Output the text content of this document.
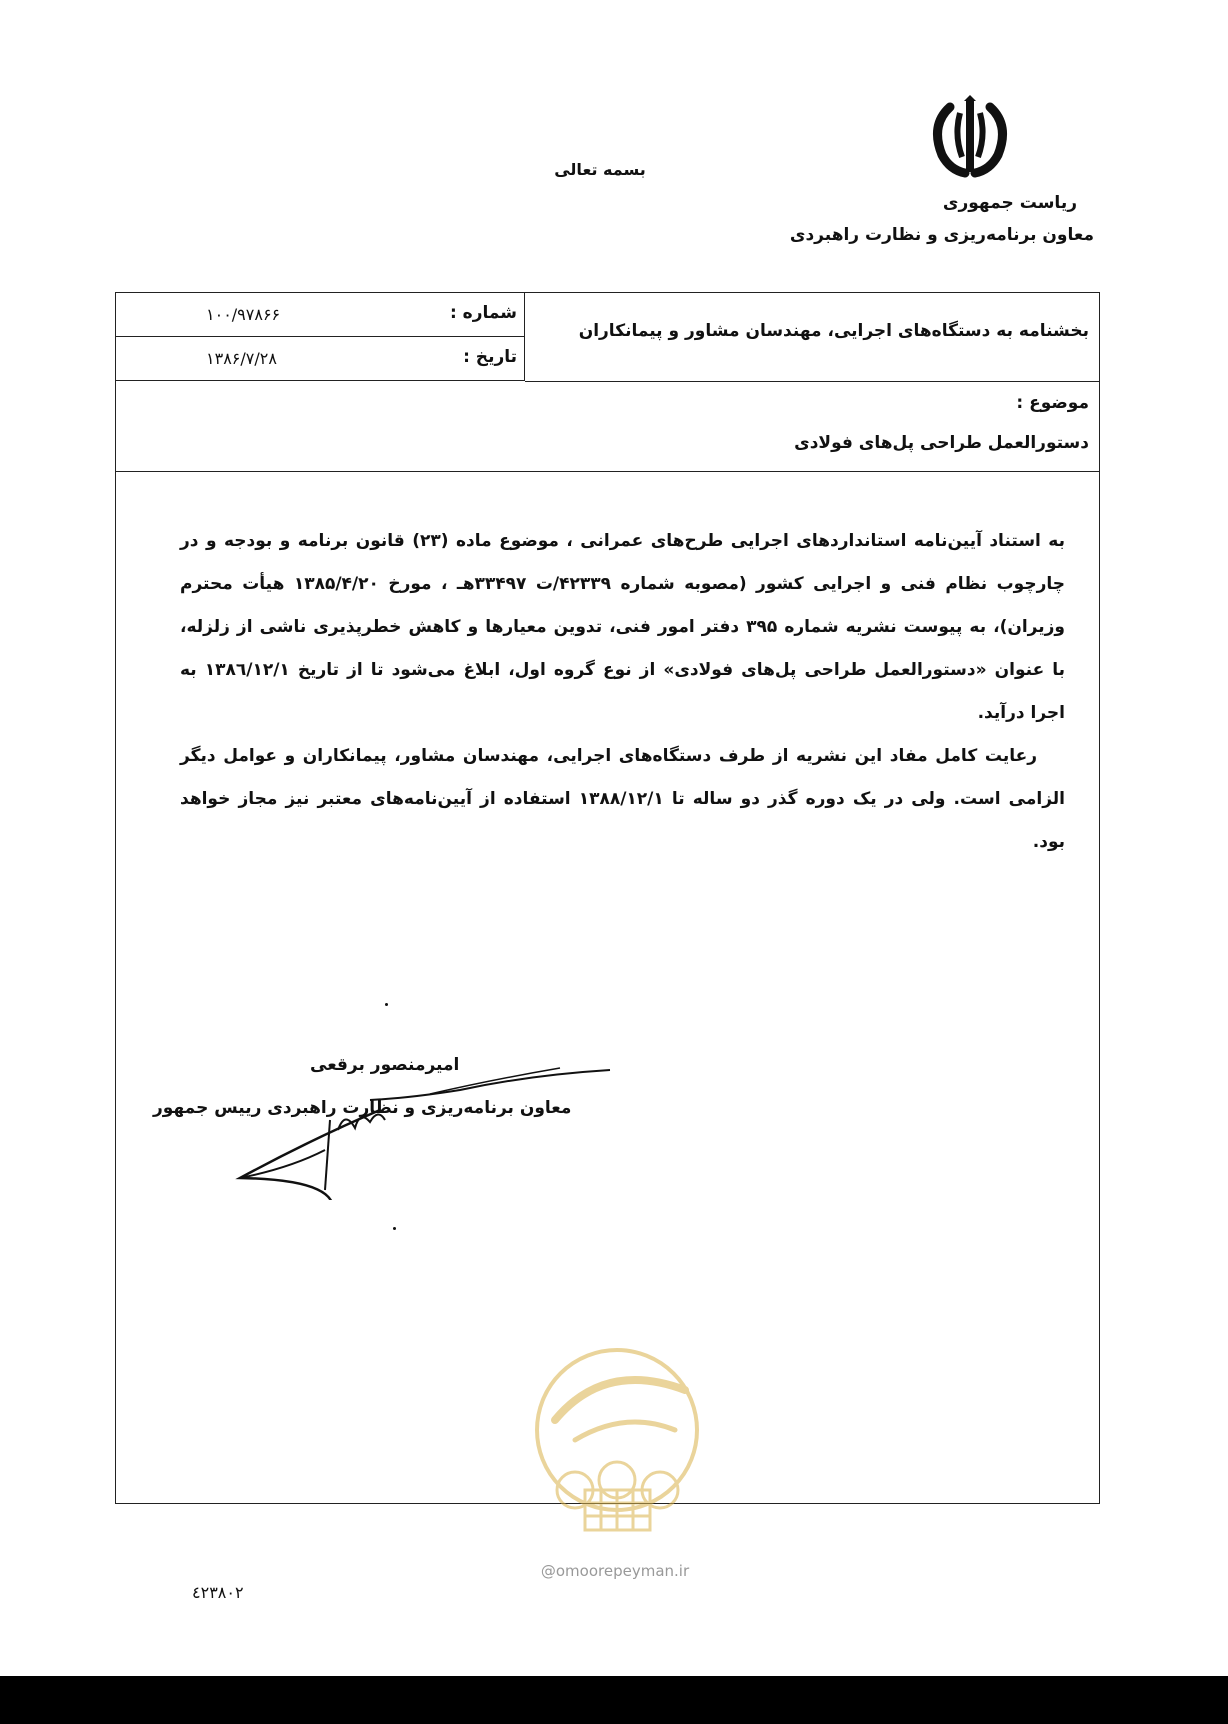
بسمه تعالی
ریاست جمهوری
معاون برنامه‌ریزی و نظارت راهبردی
شماره :
۱۰۰/۹۷۸۶۶
تاریخ :
۱۳۸۶/۷/۲۸
بخشنامه به دستگاه‌های اجرایی، مهندسان مشاور و پیمانکاران
موضوع :
دستورالعمل طراحی پل‌های فولادی

به استناد آیین‌نامه استانداردهای اجرایی طرح‌های عمرانی ، موضوع ماده (۲۳) قانون برنامه و بودجه و در چارچوب نظام فنی و اجرایی کشور (مصوبه شماره ۴۲۳۳۹/ت ۳۳۴۹۷هـ ، مورخ ۱۳۸۵/۴/۲۰ هیأت محترم وزیران)، به پیوست نشریه شماره ۳۹۵ دفتر امور فنی، تدوین معیارها و کاهش خطرپذیری ناشی از زلزله، با عنوان «دستورالعمل طراحی پل‌های فولادی» از نوع گروه اول، ابلاغ می‌شود تا از تاریخ ۱۳۸٦/۱۲/۱ به اجرا درآید.

رعایت کامل مفاد این نشریه از طرف دستگاه‌های اجرایی، مهندسان مشاور، پیمانکاران و عوامل دیگر الزامی است. ولی در یک دوره گذر دو ساله تا ۱۳۸۸/۱۲/۱ استفاده از آیین‌نامه‌های معتبر نیز مجاز خواهد بود.

امیرمنصور برقعی
معاون برنامه‌ریزی و نظارت راهبردی رییس جمهور
@omoorepeyman.ir
٤٢٣٨٠٢
